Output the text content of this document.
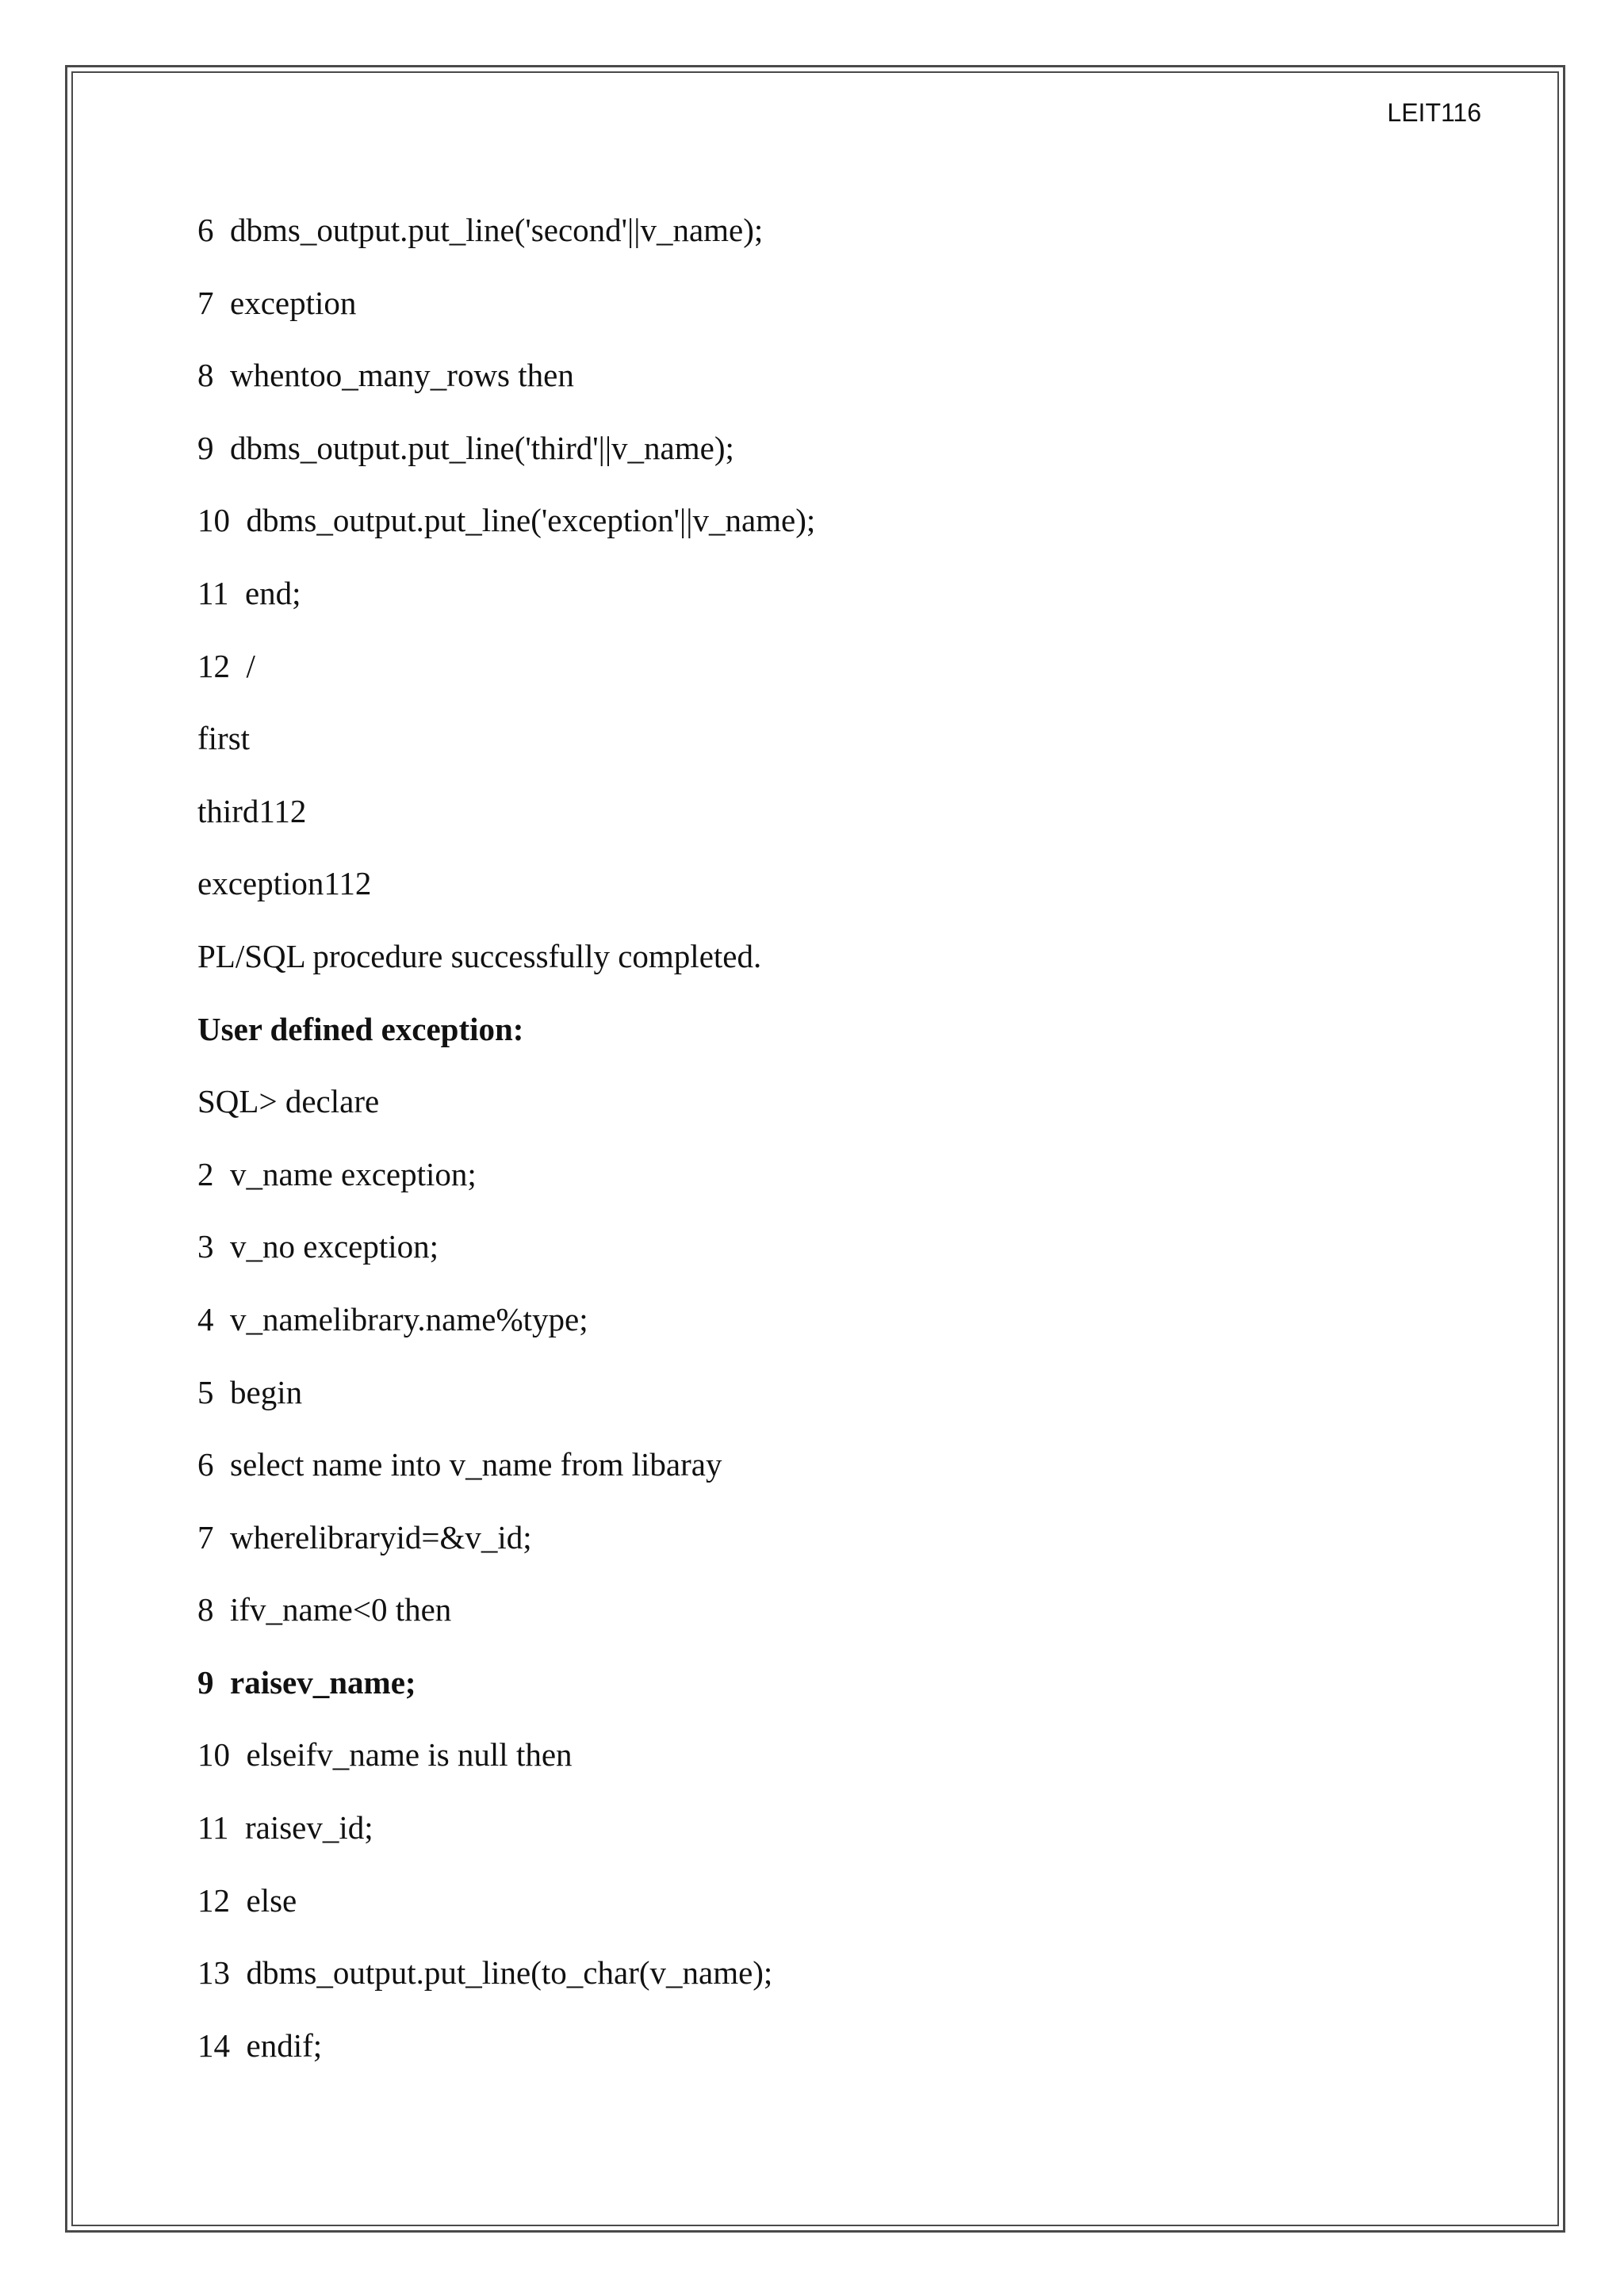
LEIT116
6  dbms_output.put_line('second'||v_name);
7  exception
8  whentoo_many_rows then
9  dbms_output.put_line('third'||v_name);
10  dbms_output.put_line('exception'||v_name);
11  end;
12  /
first
third112
exception112
PL/SQL procedure successfully completed.
User defined exception:
SQL> declare
2  v_name exception;
3  v_no exception;
4  v_namelibrary.name%type;
5  begin
6  select name into v_name from libaray
7  wherelibraryid=&v_id;
8  ifv_name<0 then
9  raisev_name;
10  elseifv_name is null then
11  raisev_id;
12  else
13  dbms_output.put_line(to_char(v_name);
14  endif;
